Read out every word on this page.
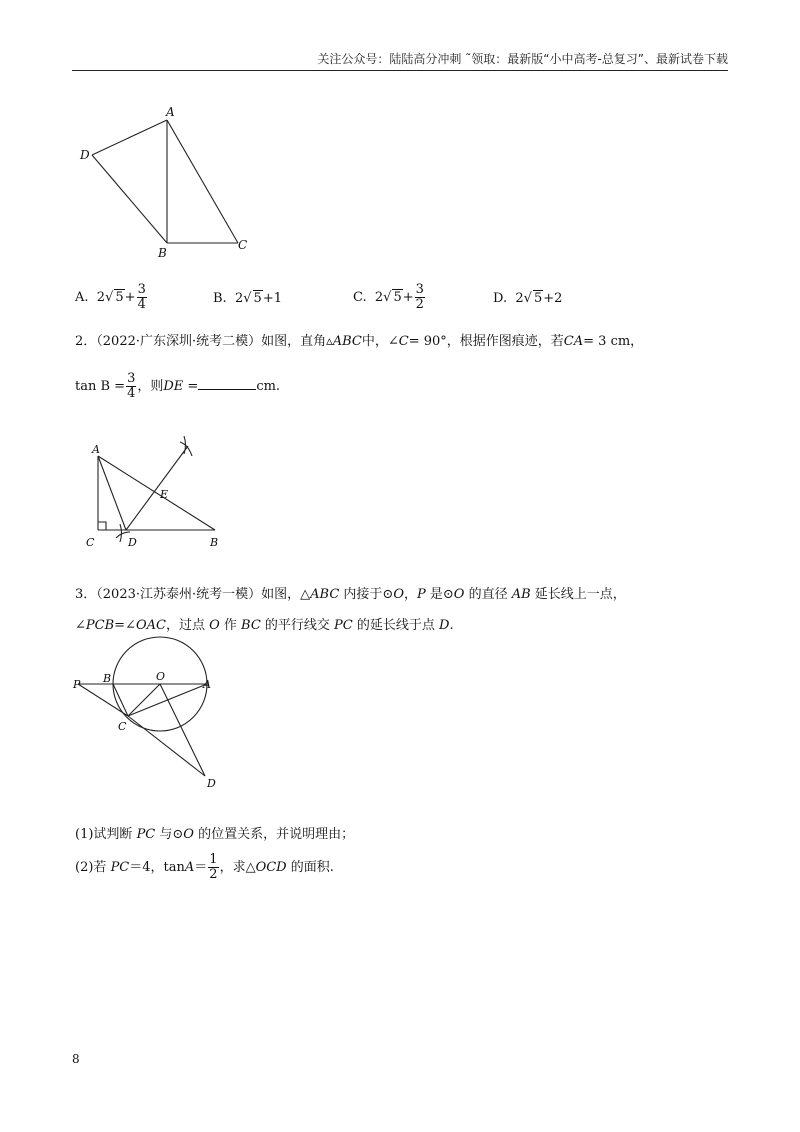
关注公众号：陆陆高分冲刺 ˜领取：最新版“小中高考-总复习”、最新试卷下载
A
D
B
C
A. 2√ $5+ \frac{3}{4}$	B. 2√ 5+1	C. 2√ $5+ \frac{3}{2}$	D. 2√ 5+2
2．（2022·广东深圳·统考二模）如图，直角▵ABC中，∠C= 90°，根据作图痕迹，若CA= 3 cm，
$\tan B = \frac{3}{4}$ ，则DE =	cm.
A
E
C	D	B
3．（2023·江苏泰州·统考一模）如图，△ABC 内接于⊙O，P 是⊙O 的直径 AB 延长线上一点，
∠PCB=∠OAC，过点 O 作 BC 的平行线交 PC 的延长线于点 D.
P B	O
A
C
D
(1)试判断 PC 与⊙O 的位置关系，并说明理由；
(2)若 PC＝4，$\tan A= \frac{1}{2}$ ，求△OCD 的面积.
8
